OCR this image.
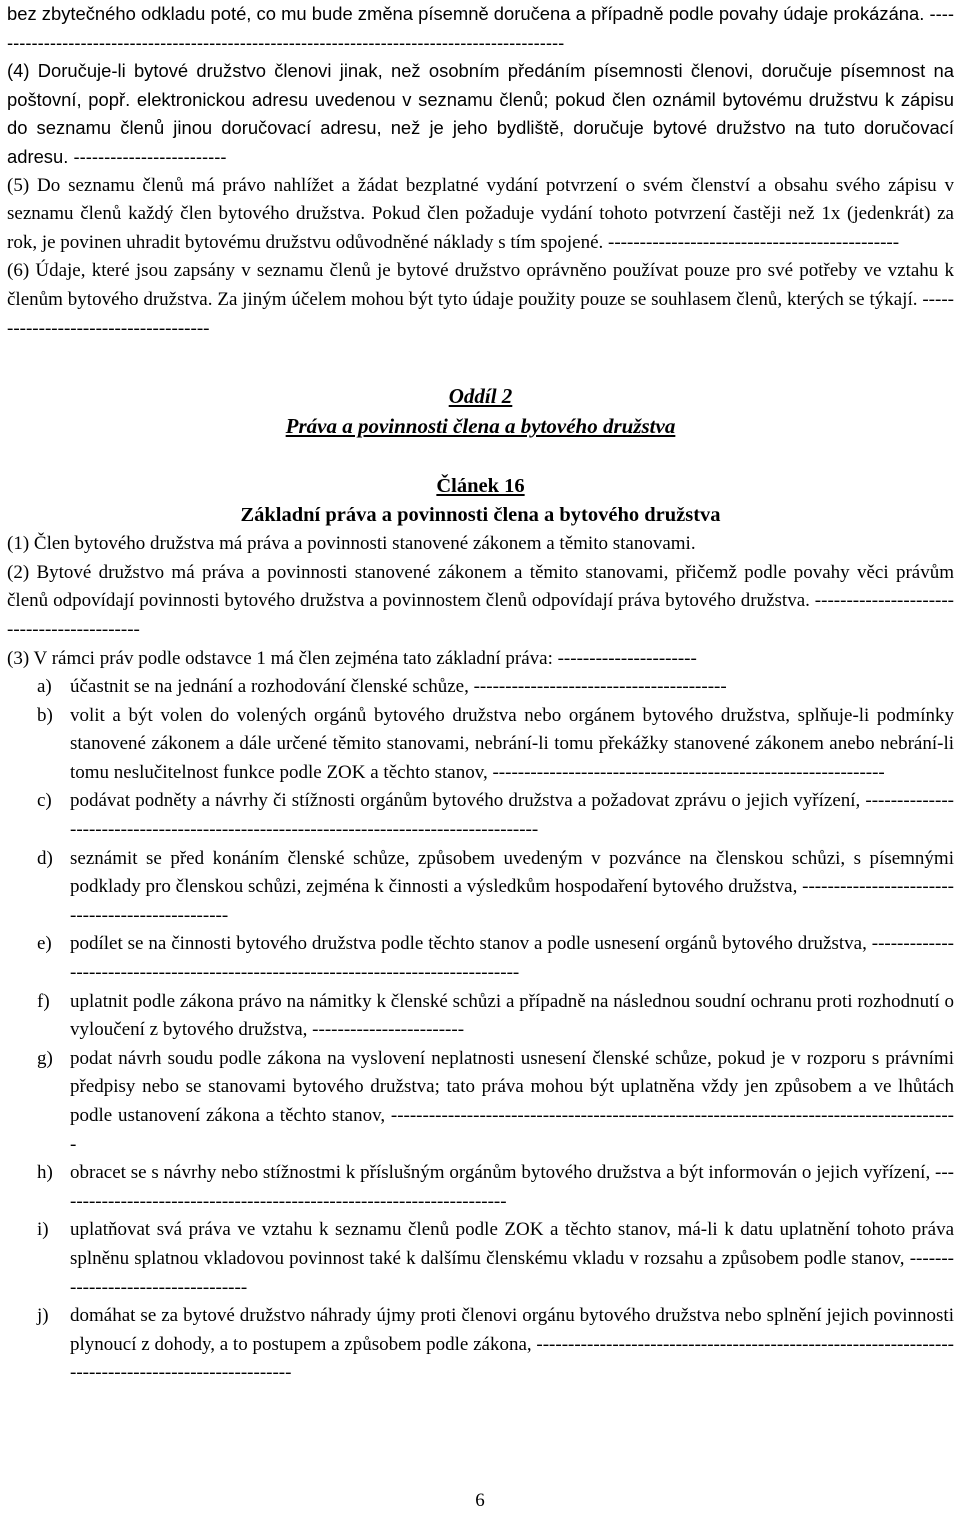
bez zbytečného odkladu poté, co mu bude změna písemně doručena a případně podle povahy údaje prokázána. -----------------------------------------------------------------------------------------------

(4) Doručuje-li bytové družstvo členovi jinak, než osobním předáním písemnosti členovi, doručuje písemnost na poštovní, popř. elektronickou adresu uvedenou v seznamu členů; pokud člen oznámil bytovému družstvu k zápisu do seznamu členů jinou doručovací adresu, než je jeho bydliště, doručuje bytové družstvo na tuto doručovací adresu. -------------------------

(5) Do seznamu členů má právo nahlížet a žádat bezplatné vydání potvrzení o svém členství a obsahu svého zápisu v seznamu členů každý člen bytového družstva. Pokud člen požaduje vydání tohoto potvrzení častěji než 1x (jedenkrát) za rok, je povinen uhradit bytovému družstvu odůvodněné náklady s tím spojené. ----------------------------------------------

(6) Údaje, které jsou zapsány v seznamu členů je bytové družstvo oprávněno používat pouze pro své potřeby ve vztahu k členům bytového družstva. Za jiným účelem mohou být tyto údaje použity pouze se souhlasem členů, kterých se týkají. -------------------------------------

Oddíl 2

Práva a povinnosti člena a bytového družstva

Článek 16

Základní práva a povinnosti člena a bytového družstva

(1) Člen bytového družstva má práva a povinnosti stanovené zákonem a těmito stanovami.

(2) Bytové družstvo má práva a povinnosti stanovené zákonem a těmito stanovami, přičemž podle povahy věci právům členů odpovídají povinnosti bytového družstva a povinnostem členů odpovídají práva bytového družstva. -------------------------------------------

(3) V rámci práv podle odstavce 1 má člen zejména tato základní práva: ----------------------

a) účastnit se na jednání a rozhodování členské schůze, ----------------------------------------
b) volit a být volen do volených orgánů bytového družstva nebo orgánem bytového družstva, splňuje-li podmínky stanovené zákonem a dále určené těmito stanovami, nebrání-li tomu překážky stanovené zákonem anebo nebrání-li tomu neslučitelnost funkce podle ZOK a těchto stanov, --------------------------------------------------------------
c) podávat podněty a návrhy či stížnosti orgánům bytového družstva a požadovat zprávu o jejich vyřízení, ----------------------------------------------------------------------------------------
d) seznámit se před konáním členské schůze, způsobem uvedeným v pozvánce na členskou schůzi, s písemnými podklady pro členskou schůzi, zejména k činnosti a výsledkům hospodaření bytového družstva, -------------------------------------------------
e) podílet se na činnosti bytového družstva podle těchto stanov a podle usnesení orgánů bytového družstva, ------------------------------------------------------------------------------------
f)	uplatnit podle zákona právo na námitky k členské schůzi a případně na následnou soudní ochranu proti rozhodnutí o vyloučení z bytového družstva, ------------------------
g) podat návrh soudu podle zákona na vyslovení neplatnosti usnesení členské schůze, pokud je v rozporu s právními předpisy nebo se stanovami bytového družstva; tato práva mohou být uplatněna vždy jen způsobem a ve lhůtách podle ustanovení zákona a těchto stanov, ------------------------------------------------------------------------------------------
h) obracet se s návrhy nebo stížnostmi k příslušným orgánům bytového družstva a být informován o jejich vyřízení, ------------------------------------------------------------------------
i)	uplatňovat svá práva ve vztahu k seznamu členů podle ZOK a těchto stanov, má-li k datu uplatnění tohoto práva splněnu splatnou vkladovou povinnost také k dalšímu členskému vkladu v rozsahu a způsobem podle stanov, -----------------------------------
j)	domáhat se za bytové družstvo náhrady újmy proti členovi orgánu bytového družstva nebo splnění jejich povinnosti plynoucí z dohody, a to postupem a způsobem podle zákona, -----------------------------------------------------------------------------------------------------
6
